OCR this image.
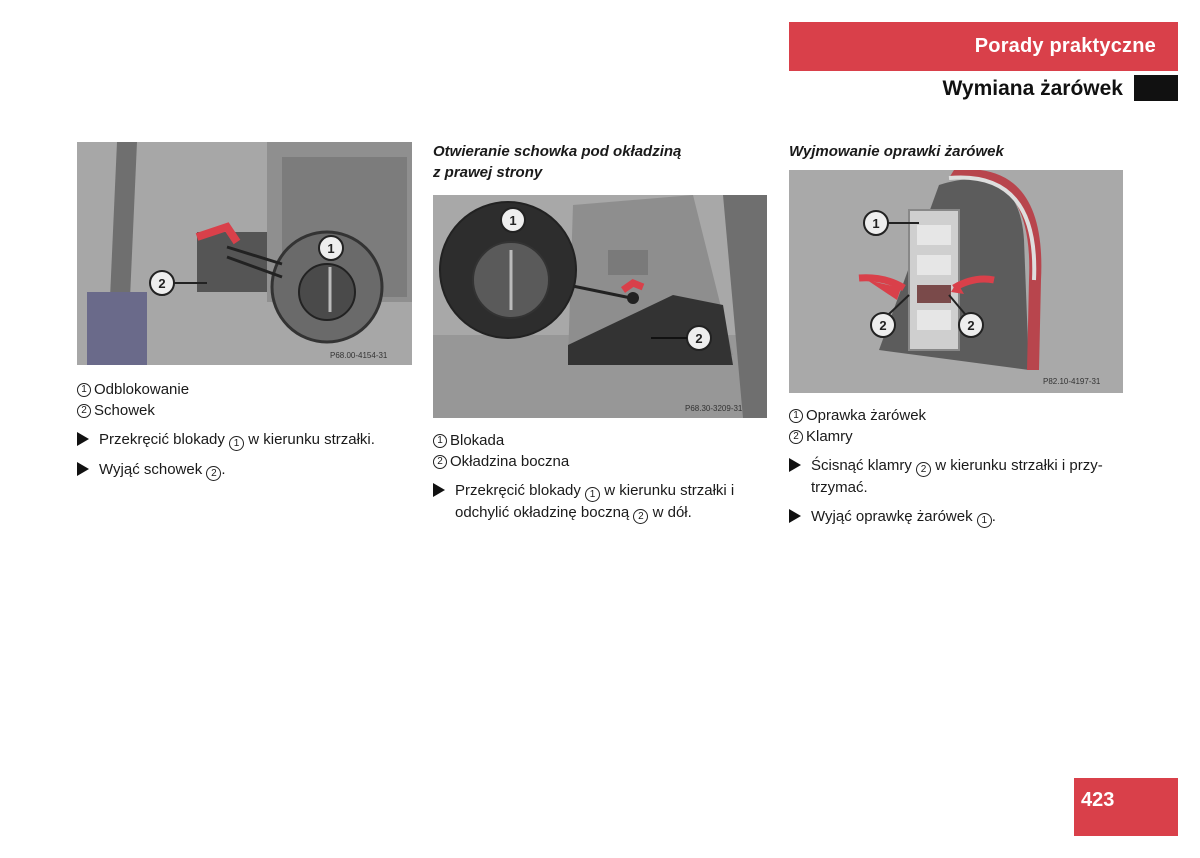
Porady praktyczne
Wymiana żarówek
1
2
P68.00-4154-31
1 Odblokowanie
2 Schowek
Przekręcić blokady 1 w kierunku strzałki.
Wyjąć schowek 2 .

Otwieranie schowka pod okładziną
z prawej strony

1
2
P68.30-3209-31
1 Blokada
2 Okładzina boczna
Przekręcić blokady 1 w kierunku strzałki i odchylić okładzinę boczną 2 w dół.

Wyjmowanie oprawki żarówek

1
2	2
P82.10-4197-31
1 Oprawka żarówek
2 Klamry
Ścisnąć klamry 2 w kierunku strzałki i przy-trzymać.
Wyjąć oprawkę żarówek 1 .
423
